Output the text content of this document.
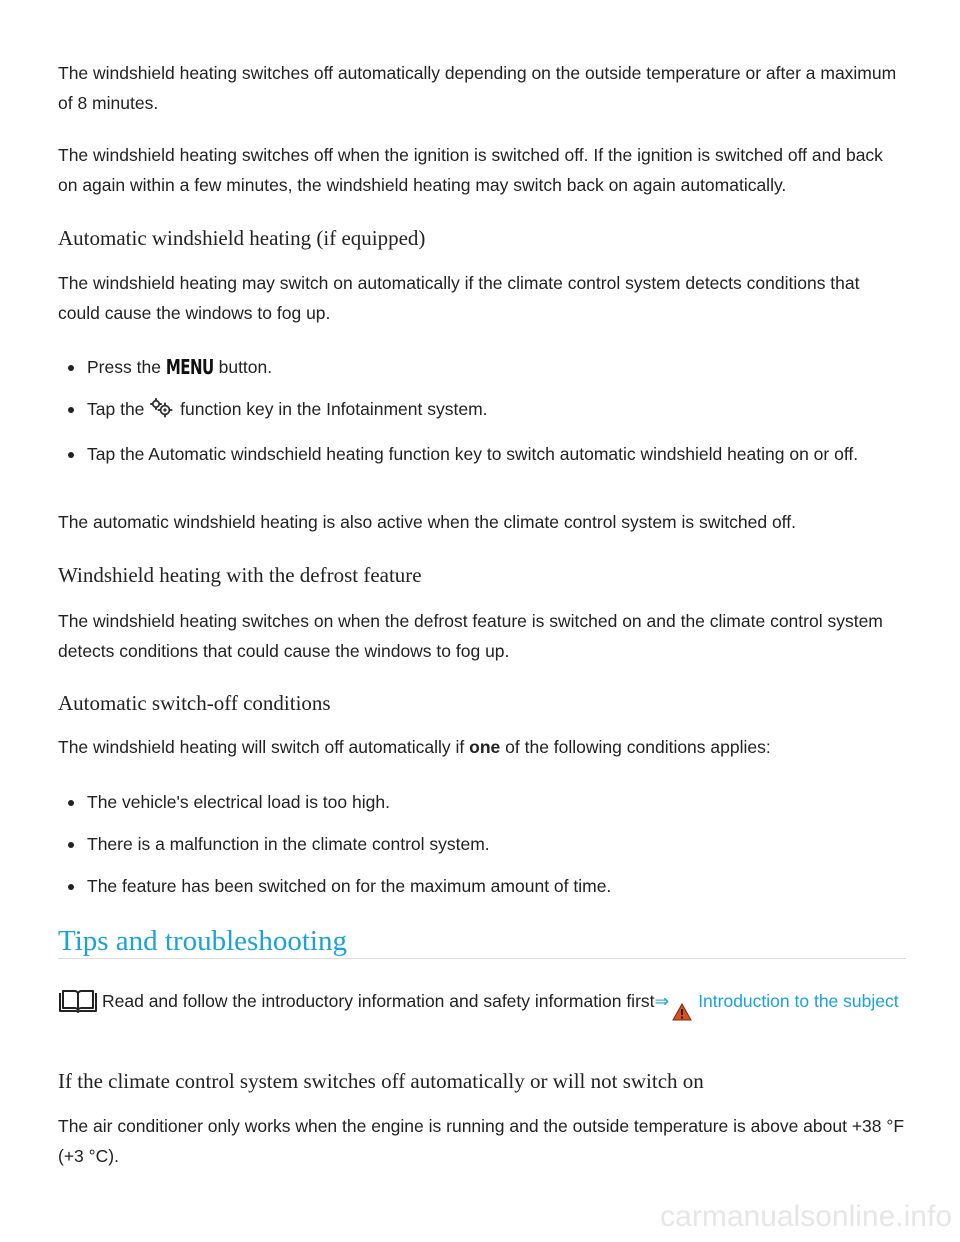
The windshield heating switches off automatically depending on the outside temperature or after a maximum of 8 minutes.

The windshield heating switches off when the ignition is switched off. If the ignition is switched off and back on again within a few minutes, the windshield heating may switch back on again automatically.

Automatic windshield heating (if equipped)

The windshield heating may switch on automatically if the climate control system detects conditions that could cause the windows to fog up.

Press the MENU button.
Tap the function key in the Infotainment system.
Tap the Automatic windschield heating function key to switch automatic windshield heating on or off.

The automatic windshield heating is also active when the climate control system is switched off.

Windshield heating with the defrost feature

The windshield heating switches on when the defrost feature is switched on and the climate control system detects conditions that could cause the windows to fog up.

Automatic switch-off conditions

The windshield heating will switch off automatically if one of the following conditions applies:

The vehicle's electrical load is too high.
There is a malfunction in the climate control system.
The feature has been switched on for the maximum amount of time.
Tips and troubleshooting

Read and follow the introductory information and safety information first⇒ Introduction to the subject

If the climate control system switches off automatically or will not switch on

The air conditioner only works when the engine is running and the outside temperature is above about +38 °F (+3 °C).

carmanualsonline.info
